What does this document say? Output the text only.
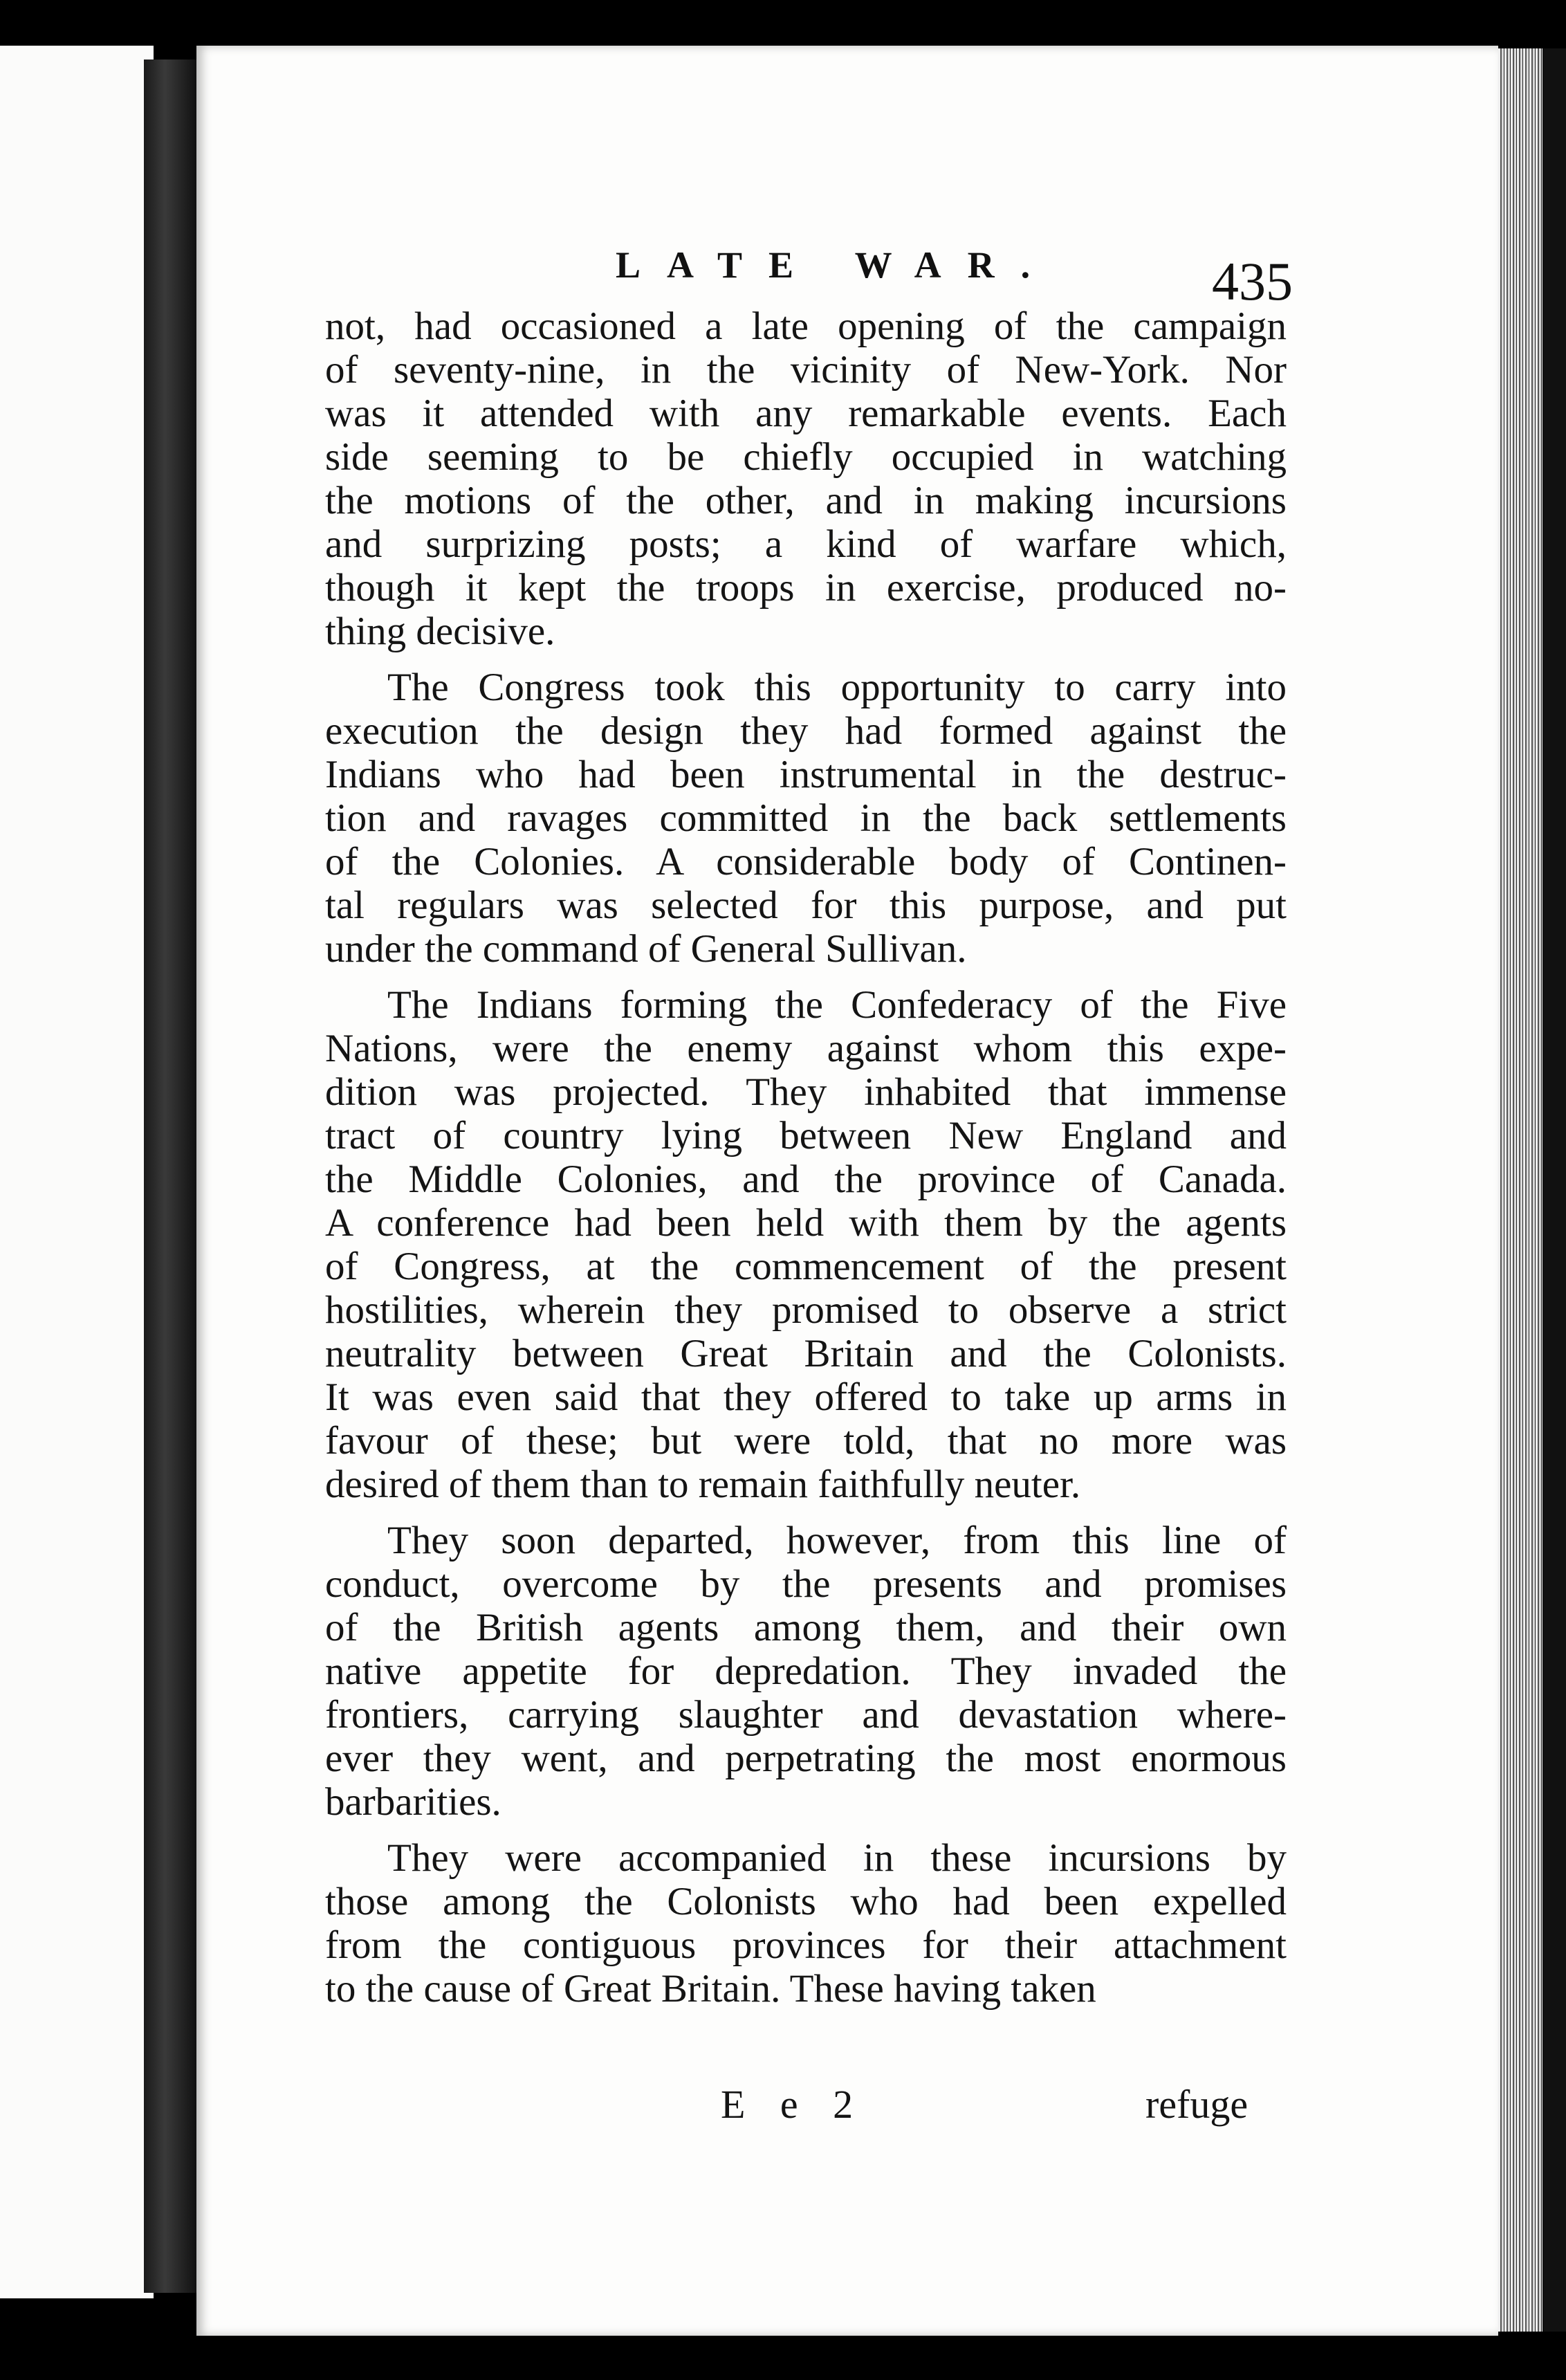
LATE WAR.	435

not, had occasioned a late opening of the campaign
of seventy-nine, in the vicinity of New-York. Nor
was it attended with any remarkable events. Each
side seeming to be chiefly occupied in watching
the motions of the other, and in making incursions
and surprizing posts; a kind of warfare which,
though it kept the troops in exercise, produced no-
thing decisive.

The Congress took this opportunity to carry into
execution the design they had formed against the
Indians who had been instrumental in the destruc-
tion and ravages committed in the back settlements
of the Colonies. A considerable body of Continen-
tal regulars was selected for this purpose, and put
under the command of General Sullivan.

The Indians forming the Confederacy of the Five
Nations, were the enemy against whom this expe-
dition was projected. They inhabited that immense
tract of country lying between New England and
the Middle Colonies, and the province of Canada.
A conference had been held with them by the agents
of Congress, at the commencement of the present
hostilities, wherein they promised to observe a strict
neutrality between Great Britain and the Colonists.
It was even said that they offered to take up arms in
favour of these; but were told, that no more was
desired of them than to remain faithfully neuter.

They soon departed, however, from this line of
conduct, overcome by the presents and promises
of the British agents among them, and their own
native appetite for depredation. They invaded the
frontiers, carrying slaughter and devastation where-
ever they went, and perpetrating the most enormous
barbarities.

They were accompanied in these incursions by
those among the Colonists who had been expelled
from the contiguous provinces for their attachment
to the cause of Great Britain. These having taken

E e 2	refuge
